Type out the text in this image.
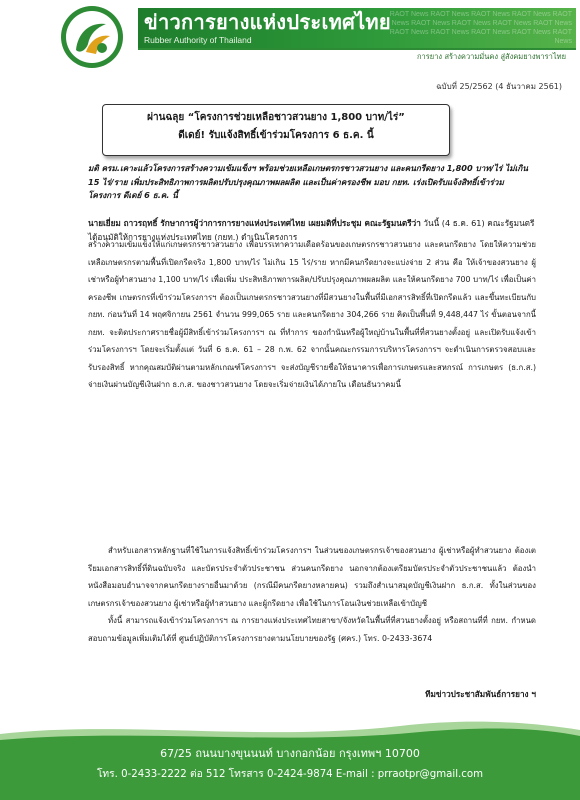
RAOT News RAOT News RAOT News RAOT News RAOT News RAOT News RAOT News RAOT News RAOT News RAOT News RAOT News RAOT News RAOT News RAOT News
ข่าวการยางแห่งประเทศไทย
Rubber Authority of Thailand
การยาง สร้างความมั่นคง สู่สังคมยางพาราไทย
ฉบับที่ 25/2562 (4 ธันวาคม 2561)
ผ่านฉลุย “โครงการช่วยเหลือชาวสวนยาง 1,800 บาท/ไร่”
ดีเดย์! รับแจ้งสิทธิ์เข้าร่วมโครงการ 6 ธ.ค. นี้
มติ ครม.เคาะแล้วโครงการสร้างความเข้มแข็งฯ พร้อมช่วยเหลือเกษตรกรชาวสวนยาง และคนกรีดยาง 1,800 บาท/ไร่ ไม่เกิน 15 ไร่/ราย เพิ่มประสิทธิภาพการผลิตปรับปรุงคุณภาพผลผลิต และเป็นค่าครองชีพ มอบ กยท. เร่งเปิดรับแจ้งสิทธิ์เข้าร่วมโครงการ ดีเดย์ 6 ธ.ค. นี้
นายเยี่ยม ถาวรฤทธิ์ รักษาการผู้ว่าการการยางแห่งประเทศไทย เผยมติที่ประชุม คณะรัฐมนตรีว่า วันนี้ (4 ธ.ค. 61) คณะรัฐมนตรีได้อนุมัติให้การยางแห่งประเทศไทย (กยท.) ดำเนินโครงการ
สร้างความเข้มแข็งให้แก่เกษตรกรชาวสวนยาง เพื่อบรรเทาความเดือดร้อนของเกษตรกรชาวสวนยาง และคนกรีดยาง โดยให้ความช่วยเหลือเกษตรกรตามพื้นที่เปิดกรีดจริง 1,800 บาท/ไร่ ไม่เกิน 15 ไร่/ราย หากมีคนกรีดยางจะแบ่งจ่าย 2 ส่วน คือ ให้เจ้าของสวนยาง ผู้เช่าหรือผู้ทำสวนยาง 1,100 บาท/ไร่ เพื่อเพิ่ม ประสิทธิภาพการผลิต/ปรับปรุงคุณภาพผลผลิต และให้คนกรีดยาง 700 บาท/ไร่ เพื่อเป็นค่าครองชีพ เกษตรกรที่เข้าร่วมโครงการฯ ต้องเป็นเกษตรกรชาวสวนยางที่มีสวนยางในพื้นที่มีเอกสารสิทธิ์ที่เปิดกรีดแล้ว และขึ้นทะเบียนกับ กยท. ก่อนวันที่ 14 พฤศจิกายน 2561 จำนวน 999,065 ราย และคนกรีดยาง 304,266 ราย คิดเป็นพื้นที่ 9,448,447 ไร่ ขั้นตอนจากนี้ กยท. จะติดประกาศรายชื่อผู้มีสิทธิ์เข้าร่วมโครงการฯ ณ ที่ทำการ ของกำนันหรือผู้ใหญ่บ้านในพื้นที่ที่สวนยางตั้งอยู่ และเปิดรับแจ้งเข้าร่วมโครงการฯ โดยจะเริ่มตั้งแต่ วันที่ 6 ธ.ค. 61 – 28 ก.พ. 62 จากนั้นคณะกรรมการบริหารโครงการฯ จะดำเนินการตรวจสอบและรับรองสิทธิ์ หากคุณสมบัติผ่านตามหลักเกณฑ์โครงการฯ จะส่งบัญชีรายชื่อให้ธนาคารเพื่อการเกษตรและสหกรณ์ การเกษตร (ธ.ก.ส.) จ่ายเงินผ่านบัญชีเงินฝาก ธ.ก.ส. ของชาวสวนยาง โดยจะเริ่มจ่ายเงินได้ภายใน เดือนธันวาคมนี้
สำหรับเอกสารหลักฐานที่ใช้ในการแจ้งสิทธิ์เข้าร่วมโครงการฯ ในส่วนของเกษตรกรเจ้าของสวนยาง ผู้เช่าหรือผู้ทำสวนยาง ต้องเตรียมเอกสารสิทธิ์ที่ดินฉบับจริง และบัตรประจำตัวประชาชน ส่วนคนกรีดยาง นอกจากต้องเตรียมบัตรประจำตัวประชาชนแล้ว ต้องนำหนังสือมอบอำนาจจากคนกรีดยางรายอื่นมาด้วย (กรณีมีคนกรีดยางหลายคน) รวมถึงสำเนาสมุดบัญชีเงินฝาก ธ.ก.ส. ทั้งในส่วนของเกษตรกรเจ้าของสวนยาง ผู้เช่าหรือผู้ทำสวนยาง และผู้กรีดยาง เพื่อใช้ในการโอนเงินช่วยเหลือเข้าบัญชี
ทั้งนี้ สามารถแจ้งเข้าร่วมโครงการฯ ณ การยางแห่งประเทศไทยสาขา/จังหวัดในพื้นที่ที่สวนยางตั้งอยู่ หรือสถานที่ที่ กยท. กำหนด สอบถามข้อมูลเพิ่มเติมได้ที่ ศูนย์ปฏิบัติการโครงการยางตามนโยบายของรัฐ (ศคร.) โทร. 0-2433-3674
ทีมข่าวประชาสัมพันธ์การยาง ฯ
67/25 ถนนบางขุนนนท์ บางกอกน้อย กรุงเทพฯ 10700
โทร. 0-2433-2222 ต่อ 512 โทรสาร 0-2424-9874 E-mail : prraotpr@gmail.com
